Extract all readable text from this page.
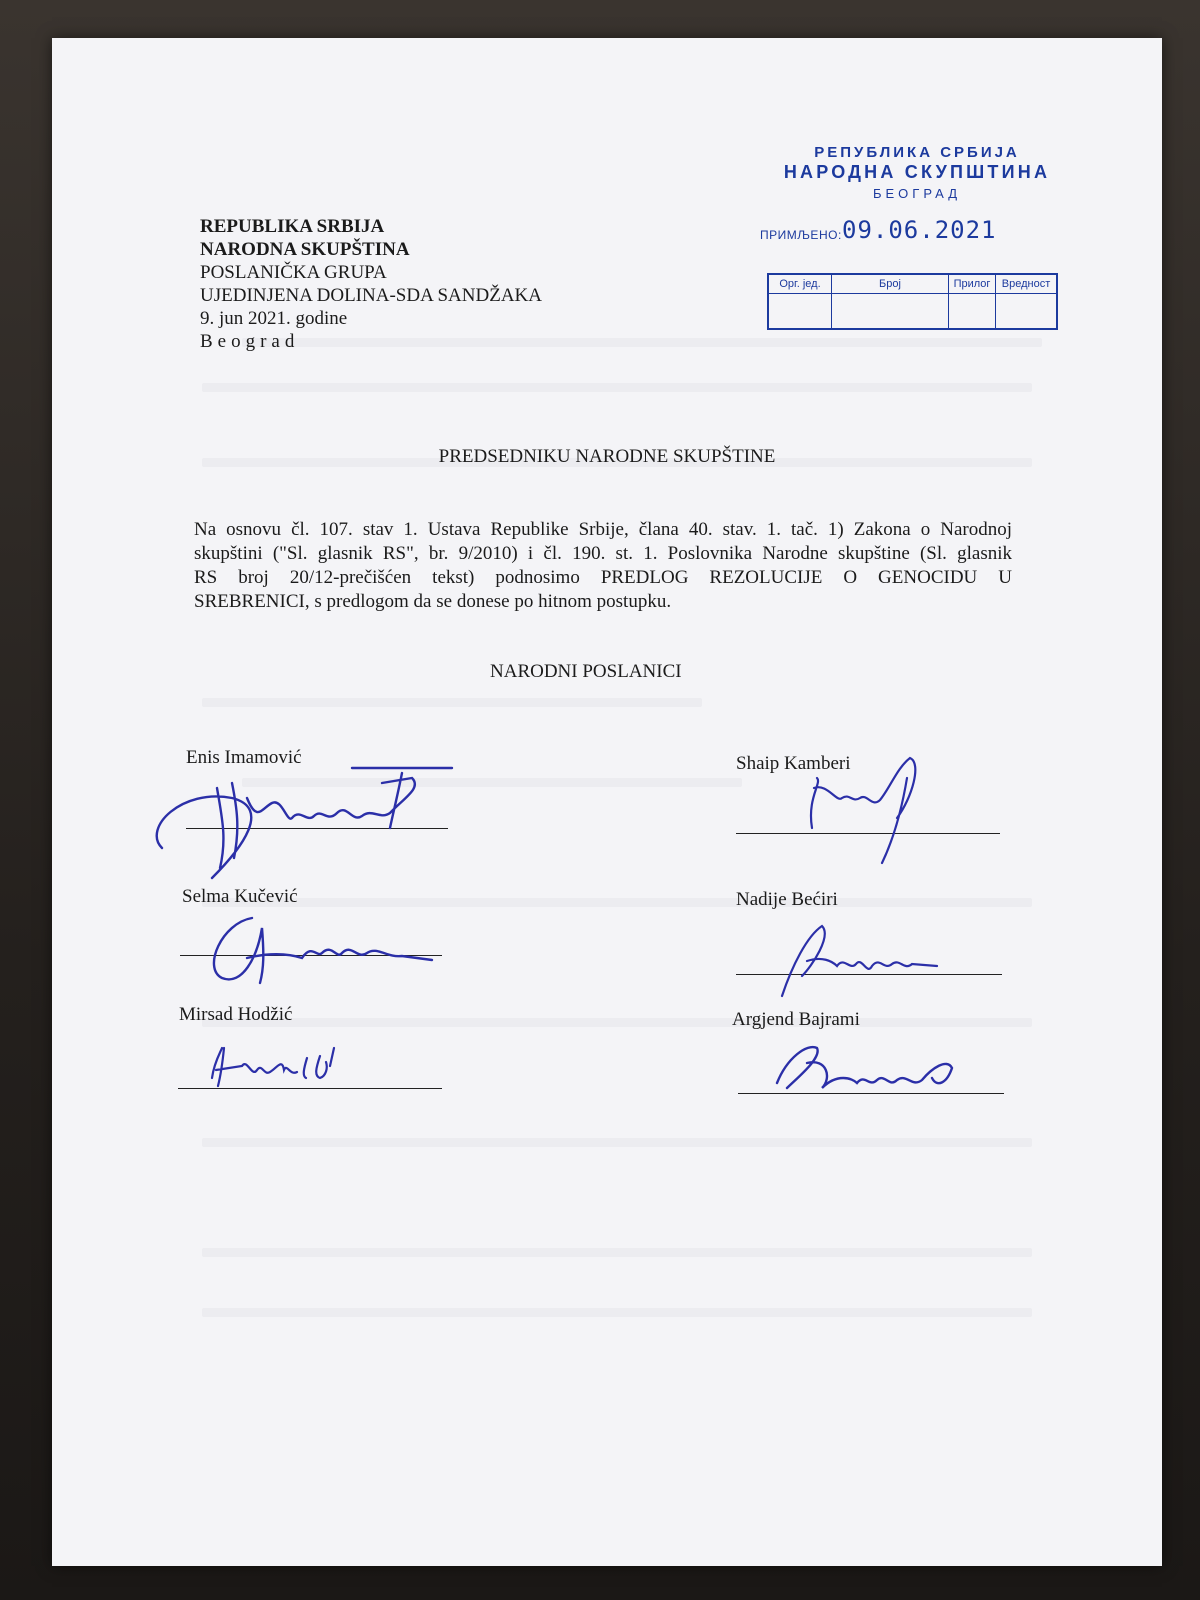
REPUBLIKA SRBIJA
NARODNA SKUPŠTINA
POSLANIČKA GRUPA
UJEDINJENA DOLINA-SDA SANDŽAKA
9. jun 2021. godine
Beograd
РЕПУБЛИКА СРБИЈА
НАРОДНА СКУПШТИНА
БЕОГРАД
ПРИМЉЕНО: 09.06.2021
Орг. јед.	Број	Прилог	Вредност

PREDSEDNIKU NARODNE SKUPŠTINE
Na osnovu čl. 107. stav 1. Ustava Republike Srbije, člana 40. stav. 1. tač. 1) Zakona o Narodnoj
skupštini ("Sl. glasnik RS", br. 9/2010) i čl. 190. st. 1. Poslovnika Narodne skupštine (Sl. glasnik
RS broj 20/12-prečišćen tekst) podnosimo PREDLOG REZOLUCIJE O GENOCIDU U
SREBRENICI, s predlogom da se donese po hitnom postupku.
NARODNI POSLANICI
Enis Imamović
Selma Kučević
Mirsad Hodžić
Shaip Kamberi
Nadije Bećiri
Argjend Bajrami
